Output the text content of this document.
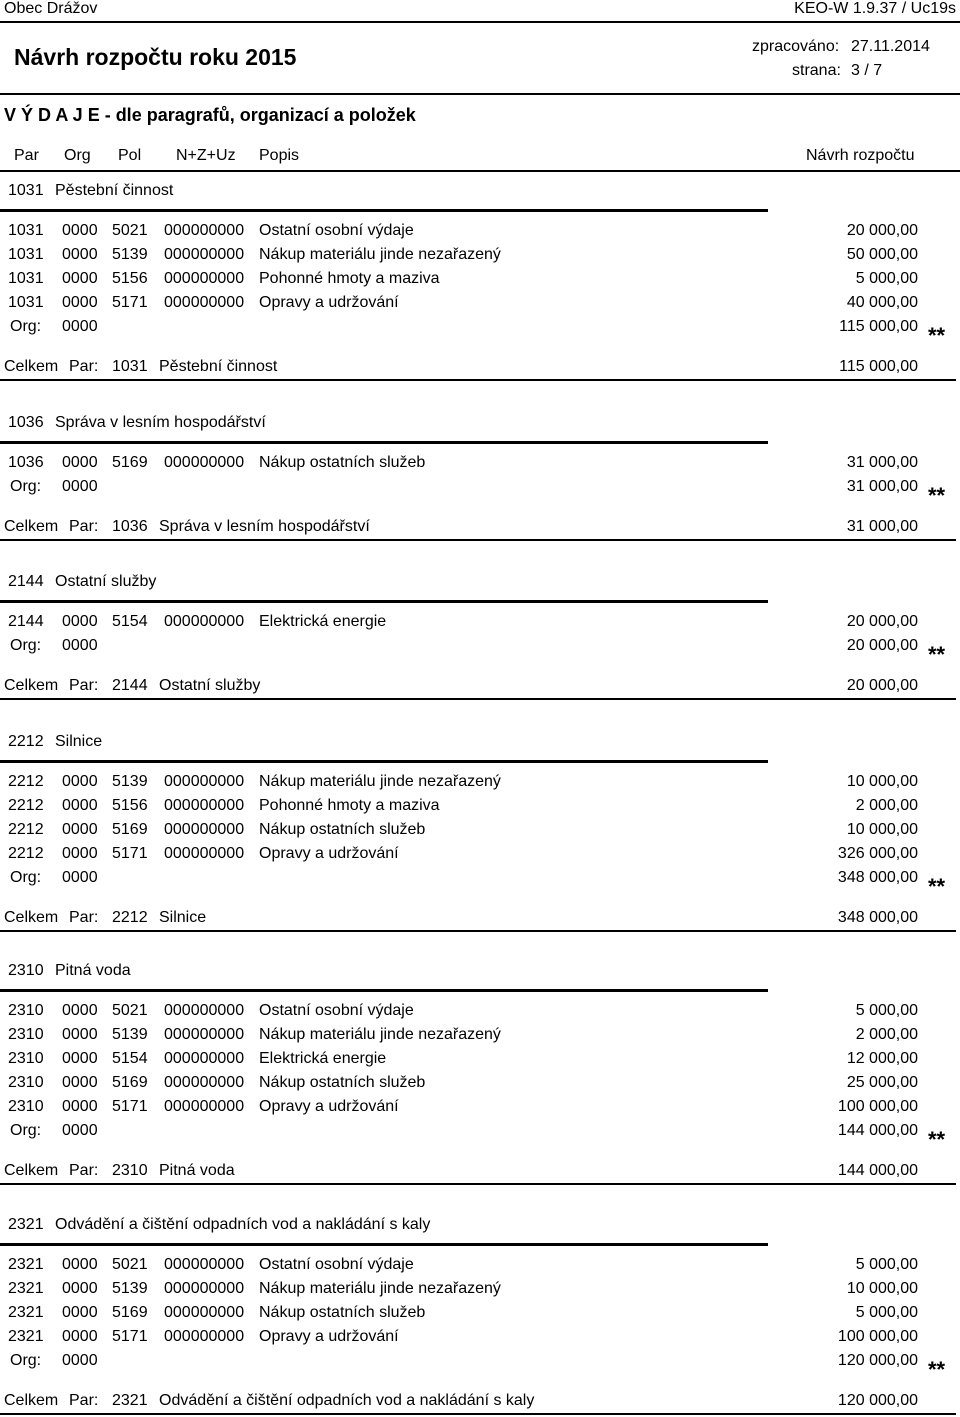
Obec Drážov	KEO-W 1.9.37 / Uc19s
Návrh rozpočtu roku 2015	zpracováno: 27.11.2014
strana: 3 / 7
V Ý D A J E - dle paragrafů, organizací a položek
Par Org Pol N+Z+Uz Popis	Návrh rozpočtu
1031 Pěstební činnost
1031 0000 5021 000000000 Ostatní osobní výdaje	20 000,00
1031 0000 5139 000000000 Nákup materiálu jinde nezařazený	50 000,00
1031 0000 5156 000000000 Pohonné hmoty a maziva	5 000,00
1031 0000 5171 000000000 Opravy a udržování	40 000,00
Org: 0000	115 000,00 **
Celkem Par: 1031 Pěstební činnost	115 000,00
1036 Správa v lesním hospodářství
1036 0000 5169 000000000 Nákup ostatních služeb	31 000,00
Org: 0000	31 000,00 **
Celkem Par: 1036 Správa v lesním hospodářství	31 000,00
2144 Ostatní služby
2144 0000 5154 000000000 Elektrická energie	20 000,00
Org: 0000	20 000,00 **
Celkem Par: 2144 Ostatní služby	20 000,00
2212 Silnice
2212 0000 5139 000000000 Nákup materiálu jinde nezařazený	10 000,00
2212 0000 5156 000000000 Pohonné hmoty a maziva	2 000,00
2212 0000 5169 000000000 Nákup ostatních služeb	10 000,00
2212 0000 5171 000000000 Opravy a udržování	326 000,00
Org: 0000	348 000,00 **
Celkem Par: 2212 Silnice	348 000,00
2310 Pitná voda
2310 0000 5021 000000000 Ostatní osobní výdaje	5 000,00
2310 0000 5139 000000000 Nákup materiálu jinde nezařazený	2 000,00
2310 0000 5154 000000000 Elektrická energie	12 000,00
2310 0000 5169 000000000 Nákup ostatních služeb	25 000,00
2310 0000 5171 000000000 Opravy a udržování	100 000,00
Org: 0000	144 000,00 **
Celkem Par: 2310 Pitná voda	144 000,00
2321 Odvádění a čištění odpadních vod a nakládání s kaly
2321 0000 5021 000000000 Ostatní osobní výdaje	5 000,00
2321 0000 5139 000000000 Nákup materiálu jinde nezařazený	10 000,00
2321 0000 5169 000000000 Nákup ostatních služeb	5 000,00
2321 0000 5171 000000000 Opravy a udržování	100 000,00
Org: 0000	120 000,00 **
Celkem Par: 2321 Odvádění a čištění odpadních vod a nakládání s kaly	120 000,00
